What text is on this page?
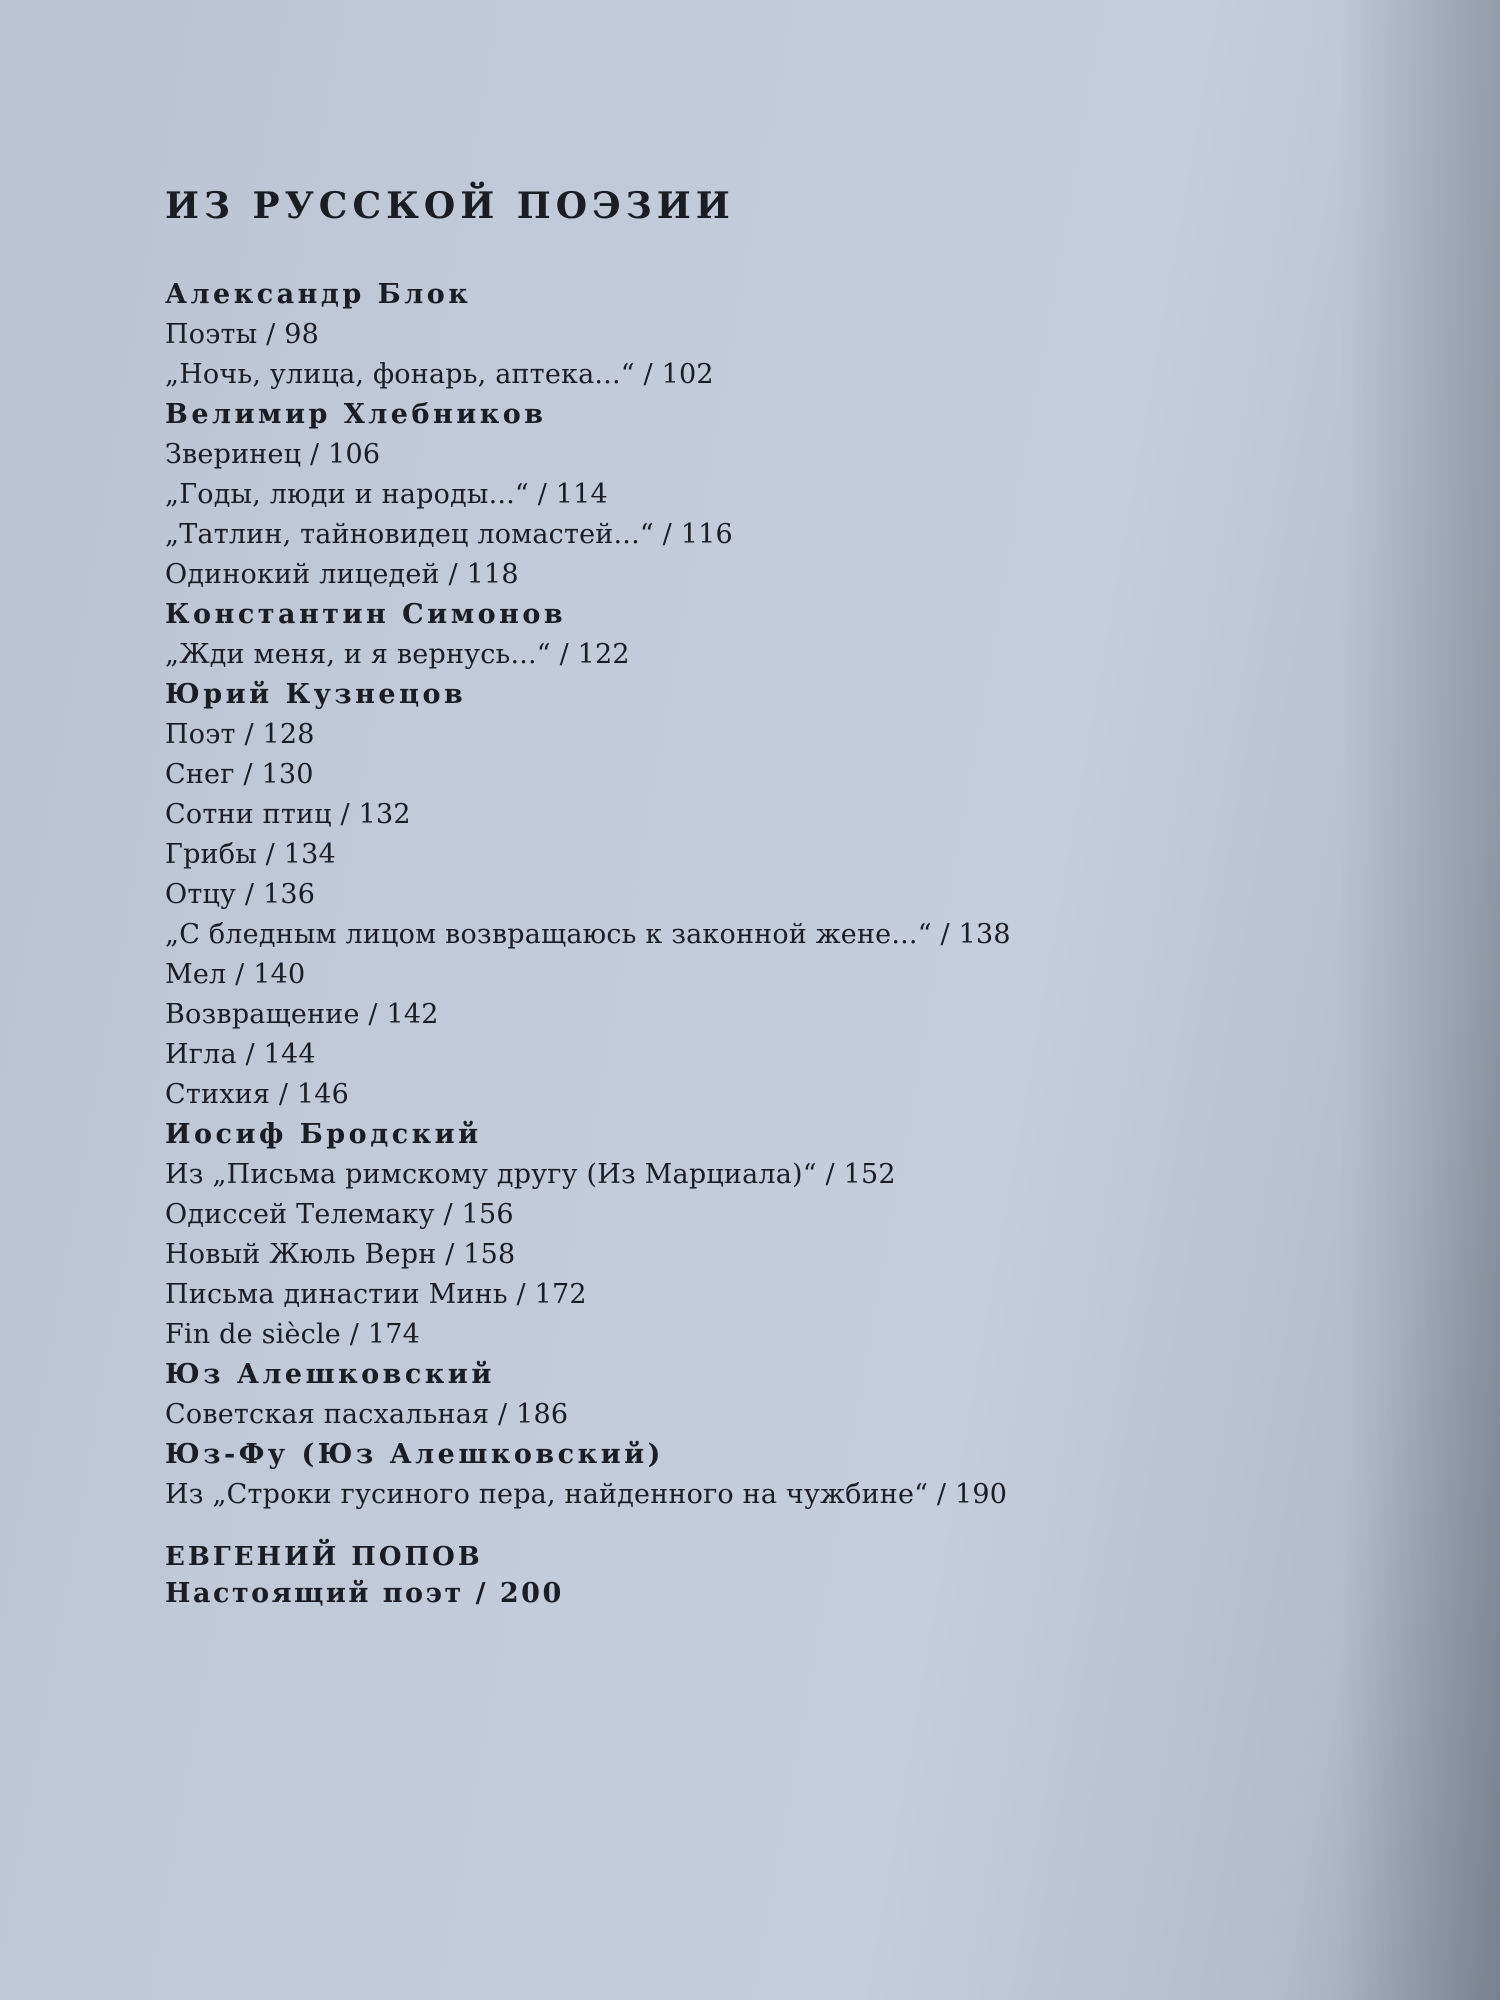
ИЗ РУССКОЙ ПОЭЗИИ
Александр Блок
Поэты / 98
„Ночь, улица, фонарь, аптека...“ / 102
Велимир Хлебников
Зверинец / 106
„Годы, люди и народы...“ / 114
„Татлин, тайновидец ломастей...“ / 116
Одинокий лицедей / 118
Константин Симонов
„Жди меня, и я вернусь...“ / 122
Юрий Кузнецов
Поэт / 128
Снег / 130
Сотни птиц / 132
Грибы / 134
Отцу / 136
„С бледным лицом возвращаюсь к законной жене...“ / 138
Мел / 140
Возвращение / 142
Игла / 144
Стихия / 146
Иосиф Бродский
Из „Письма римскому другу (Из Марциала)“ / 152
Одиссей Телемаку / 156
Новый Жюль Верн / 158
Письма династии Минь / 172
Fin de siècle / 174
Юз Алешковский
Советская пасхальная / 186
Юз-Фу (Юз Алешковский)
Из „Строки гусиного пера, найденного на чужбине“ / 190
ЕВГЕНИЙ ПОПОВ
Настоящий поэт / 200
